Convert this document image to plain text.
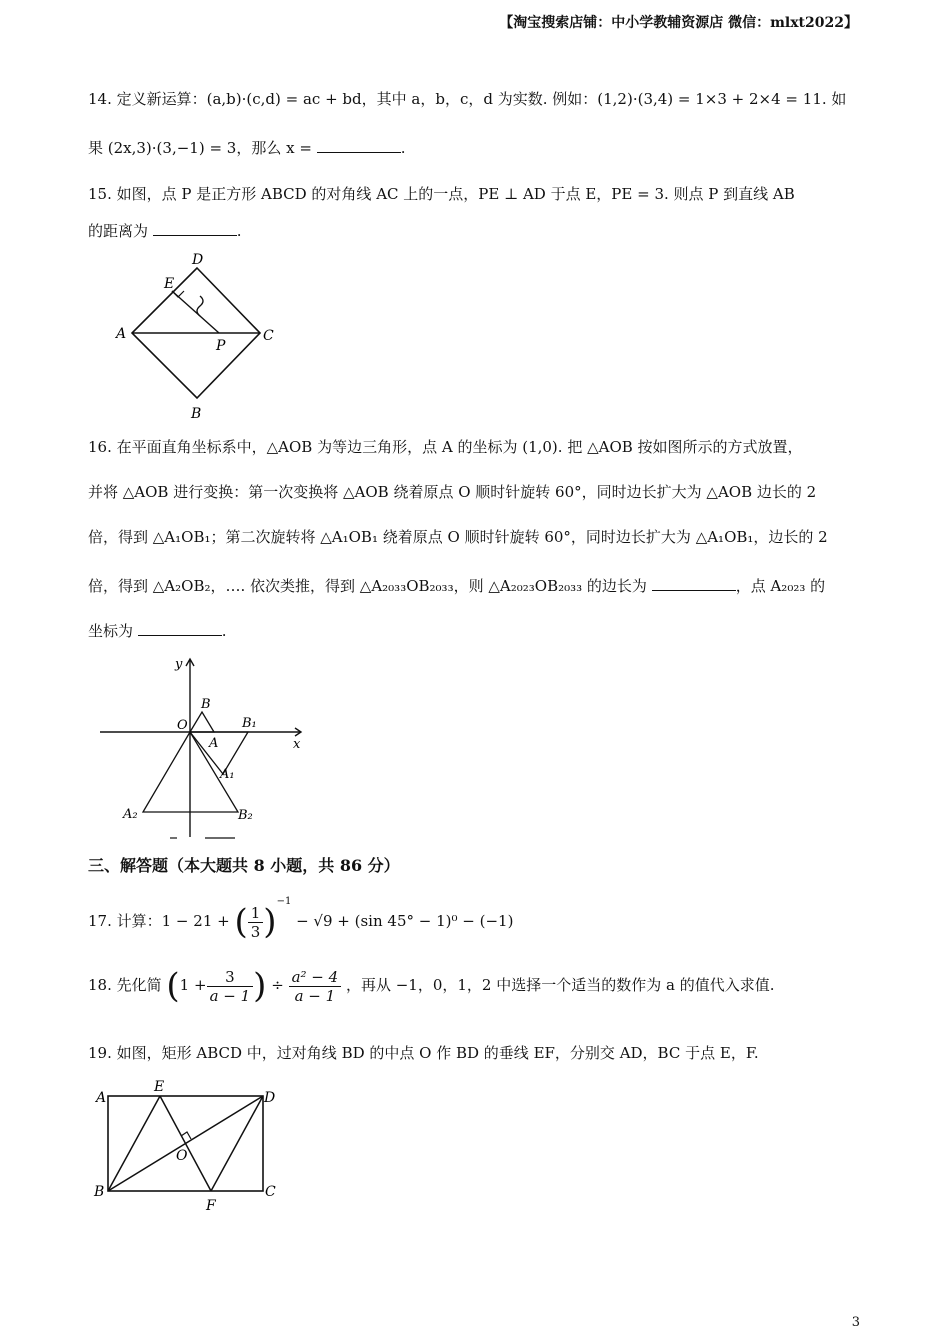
【淘宝搜索店铺：中小学教辅资源店 微信：mlxt2022】
14. 定义新运算：(a,b)·(c,d) = ac + bd，其中 a，b，c，d 为实数. 例如：(1,2)·(3,4) = 1×3 + 2×4 = 11. 如
果 (2x,3)·(3,−1) = 3，那么 x =	.
15. 如图，点 P 是正方形 ABCD 的对角线 AC 上的一点，PE ⊥ AD 于点 E，PE = 3. 则点 P 到直线 AB
的距离为	.
D
E
A
P
C
B
16. 在平面直角坐标系中，△AOB 为等边三角形，点 A 的坐标为 (1,0). 把 △AOB 按如图所示的方式放置，
并将 △AOB 进行变换：第一次变换将 △AOB 绕着原点 O 顺时针旋转 60°，同时边长扩大为 △AOB 边长的 2
倍，得到 △A₁OB₁；第二次旋转将 △A₁OB₁ 绕着原点 O 顺时针旋转 60°，同时边长扩大为 △A₁OB₁，边长的 2
倍，得到 △A₂OB₂，…. 依次类推，得到 △A₂₀₃₃OB₂₀₃₃，则 △A₂₀₂₃OB₂₀₃₃ 的边长为	，点 A₂₀₂₃ 的
坐标为	.
y
x
O
B
A
B₁
A₁
A₂	B₂
三、解答题（本大题共 8 小题，共 86 分）
17. 计算：1 − 21 + ( $\frac{1}{3} )^{-1} - √9 + (\sin$ 45° − 1)⁰ − (−1)
18. 先化简 ($1 + \frac{3}{a - 1}$ ) ÷ $\frac{\text{a² − 4}}{a - 1}$ ，再从 −1，0，1，2 中选择一个适当的数作为 a 的值代入求值.
19. 如图，矩形 ABCD 中，过对角线 BD 的中点 O 作 BD 的垂线 EF，分别交 AD，BC 于点 E，F.
A
E
D
O
B
F
C
3
